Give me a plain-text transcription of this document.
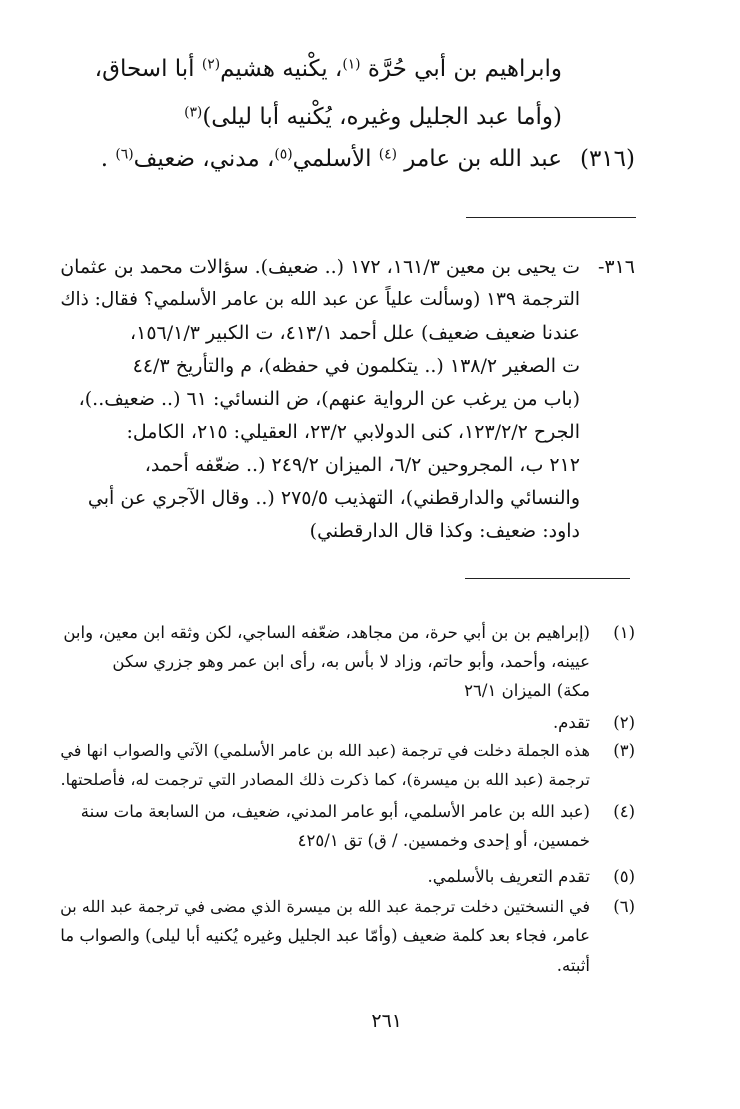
وابراهيم بن أبي حُرَّة $^{(١)}$، يكْنيه هشيم$^{(٢)}$ أبا اسحاق،
(وأما عبد الجليل وغيره، يُكْنيه أبا ليلى)$^{(٣)}$
(٣١٦)عبد الله بن عامر $^{(٤)}$ الأسلمي$^{(٥)}$، مدني، ضعيف$^{(٦)}$ .
٣١٦-
ت يحيى بن معين ١٦١/٣، ١٧٢ (.. ضعيف). سؤالات محمد بن عثمان
الترجمة ١٣٩ (وسألت علياً عن عبد الله بن عامر الأسلمي؟ فقال: ذاك
عندنا ضعيف ضعيف) علل أحمد ٤١٣/١، ت الكبير ١٥٦/١/٣،
ت الصغير ١٣٨/٢ (.. يتكلمون في حفظه)، م والتأريخ ٤٤/٣
(باب من يرغب عن الرواية عنهم)، ض النسائي: ٦١ (.. ضعيف..)،
الجرح ١٢٣/٢/٢، كنى الدولابي ٢٣/٢، العقيلي: ٢١٥، الكامل:
٢١٢ ب، المجروحين ٦/٢، الميزان ٢٤٩/٢ (.. ضعّفه أحمد،
والنسائي والدارقطني)، التهذيب ٢٧٥/٥ (.. وقال الآجري عن أبي
داود: ضعيف: وكذا قال الدارقطني)
(١)
(إبراهيم بن بن أبي حرة، من مجاهد، ضعّفه الساجي، لكن وثقه ابن معين، وابن
عيينه، وأحمد، وأبو حاتم، وزاد لا بأس به، رأى ابن عمر وهو جزري سكن
مكة) الميزان ٢٦/١
(٢)
تقدم.
(٣)
هذه الجملة دخلت في ترجمة (عبد الله بن عامر الأسلمي) الآتي والصواب انها في
ترجمة (عبد الله بن ميسرة)، كما ذكرت ذلك المصادر التي ترجمت له، فأصلحتها.
(٤)
(عبد الله بن عامر الأسلمي، أبو عامر المدني، ضعيف، من السابعة مات سنة
خمسين، أو إحدى وخمسين. / ق) تق ٤٢٥/١
(٥)
تقدم التعريف بالأسلمي.
(٦)
في النسختين دخلت ترجمة عبد الله بن ميسرة الذي مضى في ترجمة عبد الله بن
عامر، فجاء بعد كلمة ضعيف (وأمّا عبد الجليل وغيره يُكنيه أبا ليلى) والصواب ما
أثبته.
٢٦١
